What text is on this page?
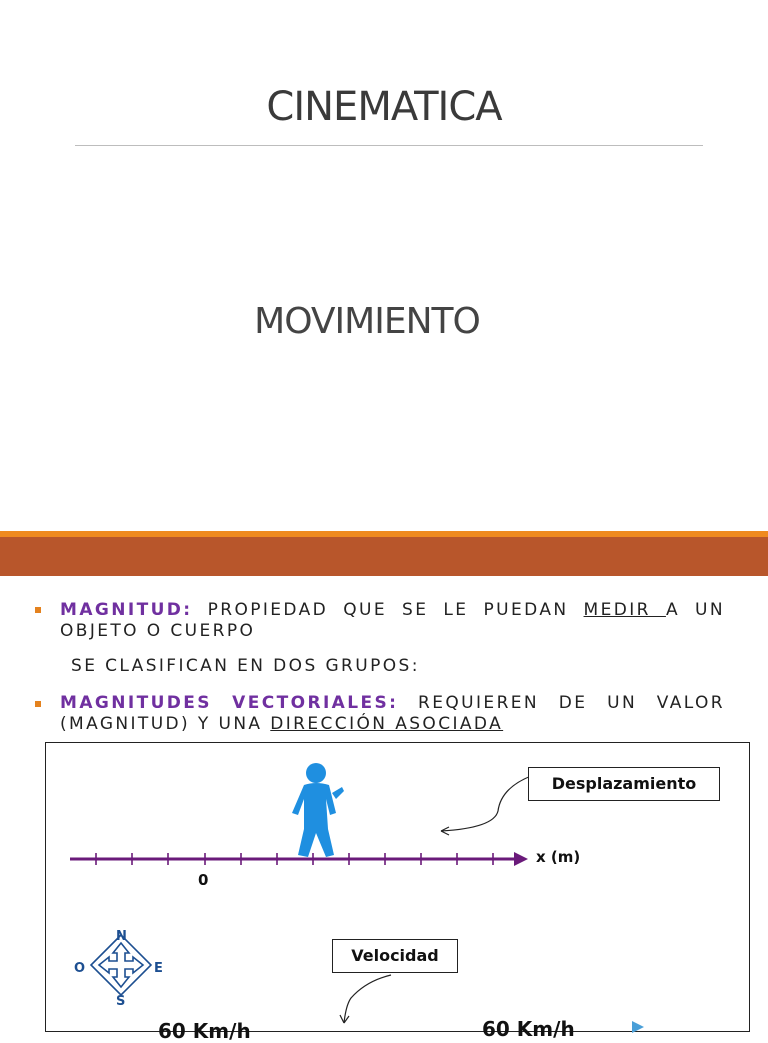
CINEMATICA
MOVIMIENTO
MAGNITUD: PROPIEDAD QUE SE LE PUEDAN MEDIR A UN OBJETO O CUERPO
SE CLASIFICAN EN DOS GRUPOS:
MAGNITUDES VECTORIALES: REQUIEREN DE UN VALOR (MAGNITUD) Y UNA DIRECCIÓN ASOCIADA
Desplazamiento
x (m)
0
Velocidad
N
S
E
O
60 Km/h	60 Km/h
